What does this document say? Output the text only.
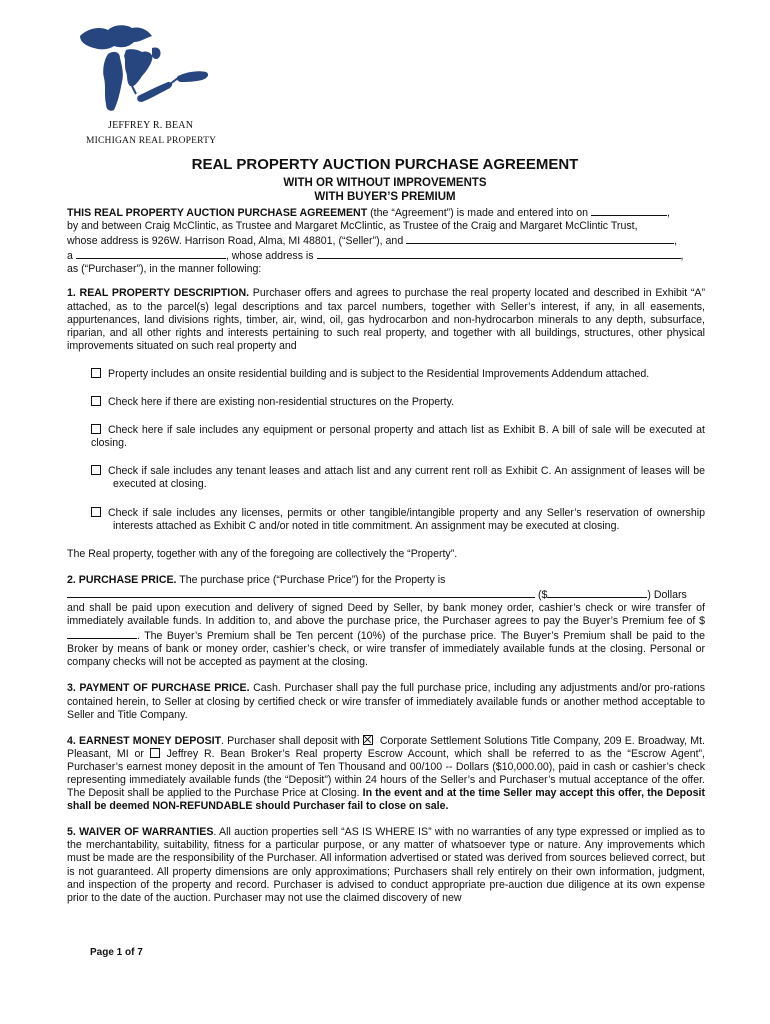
JEFFREY R. BEAN
MICHIGAN REAL PROPERTY
REAL PROPERTY AUCTION PURCHASE AGREEMENT
WITH OR WITHOUT IMPROVEMENTS
WITH BUYER’S PREMIUM
THIS REAL PROPERTY AUCTION PURCHASE AGREEMENT (the “Agreement”) is made and entered into on	,
by and between Craig McClintic, as Trustee and Margaret McClintic, as Trustee of the Craig and Margaret McClintic Trust,
whose address is 926W. Harrison Road, Alma, MI 48801, (“Seller”), and	,
a	, whose address is	,
as (“Purchaser”), in the manner following:

1. REAL PROPERTY DESCRIPTION. Purchaser offers and agrees to purchase the real property located and described in Exhibit “A” attached, as to the parcel(s) legal descriptions and tax parcel numbers, together with Seller’s interest, if any, in all easements, appurtenances, land divisions rights, timber, air, wind, oil, gas hydrocarbon and non-hydrocarbon minerals to any depth, subsurface, riparian, and all other rights and interests pertaining to such real property, and together with all buildings, structures, other physical improvements situated on such real property and

Property includes an onsite residential building and is subject to the Residential Improvements Addendum attached.

Check here if there are existing non-residential structures on the Property.

Check here if sale includes any equipment or personal property and attach list as Exhibit B. A bill of sale will be executed at closing.

Check if sale includes any tenant leases and attach list and any current rent roll as Exhibit C. An assignment of leases will be executed at closing.

Check if sale includes any licenses, permits or other tangible/intangible property and any Seller’s reservation of ownership interests attached as Exhibit C and/or noted in title commitment. An assignment may be executed at closing.

The Real property, together with any of the foregoing are collectively the “Property”.

2. PURCHASE PRICE. The purchase price (“Purchase Price”) for the Property is
($	) Dollars

and shall be paid upon execution and delivery of signed Deed by Seller, by bank money order, cashier’s check or wire transfer of immediately available funds. In addition to, and above the purchase price, the Purchaser agrees to pay the Buyer’s Premium fee of $ . The Buyer’s Premium shall be Ten percent (10%) of the purchase price. The Buyer’s Premium shall be paid to the Broker by means of bank or money order, cashier’s check, or wire transfer of immediately available funds at the closing. Personal or company checks will not be accepted as payment at the closing.

3. PAYMENT OF PURCHASE PRICE. Cash. Purchaser shall pay the full purchase price, including any adjustments and/or pro-rations contained herein, to Seller at closing by certified check or wire transfer of immediately available funds or another method acceptable to Seller and Title Company.

4. EARNEST MONEY DEPOSIT. Purchaser shall deposit with Corporate Settlement Solutions Title Company, 209 E. Broadway, Mt. Pleasant, MI or Jeffrey R. Bean Broker’s Real property Escrow Account, which shall be referred to as the “Escrow Agent”, Purchaser’s earnest money deposit in the amount of Ten Thousand and 00/100 -- Dollars ($10,000.00), paid in cash or cashier’s check representing immediately available funds (the “Deposit”) within 24 hours of the Seller’s and Purchaser’s mutual acceptance of the offer. The Deposit shall be applied to the Purchase Price at Closing. In the event and at the time Seller may accept this offer, the Deposit shall be deemed NON-REFUNDABLE should Purchaser fail to close on sale.

5. WAIVER OF WARRANTIES. All auction properties sell “AS IS WHERE IS” with no warranties of any type expressed or implied as to the merchantability, suitability, fitness for a particular purpose, or any matter of whatsoever type or nature. Any improvements which must be made are the responsibility of the Purchaser. All information advertised or stated was derived from sources believed correct, but is not guaranteed. All property dimensions are only approximations; Purchasers shall rely entirely on their own information, judgment, and inspection of the property and record. Purchaser is advised to conduct appropriate pre-auction due diligence at its own expense prior to the date of the auction. Purchaser may not use the claimed discovery of new

Page 1 of 7
